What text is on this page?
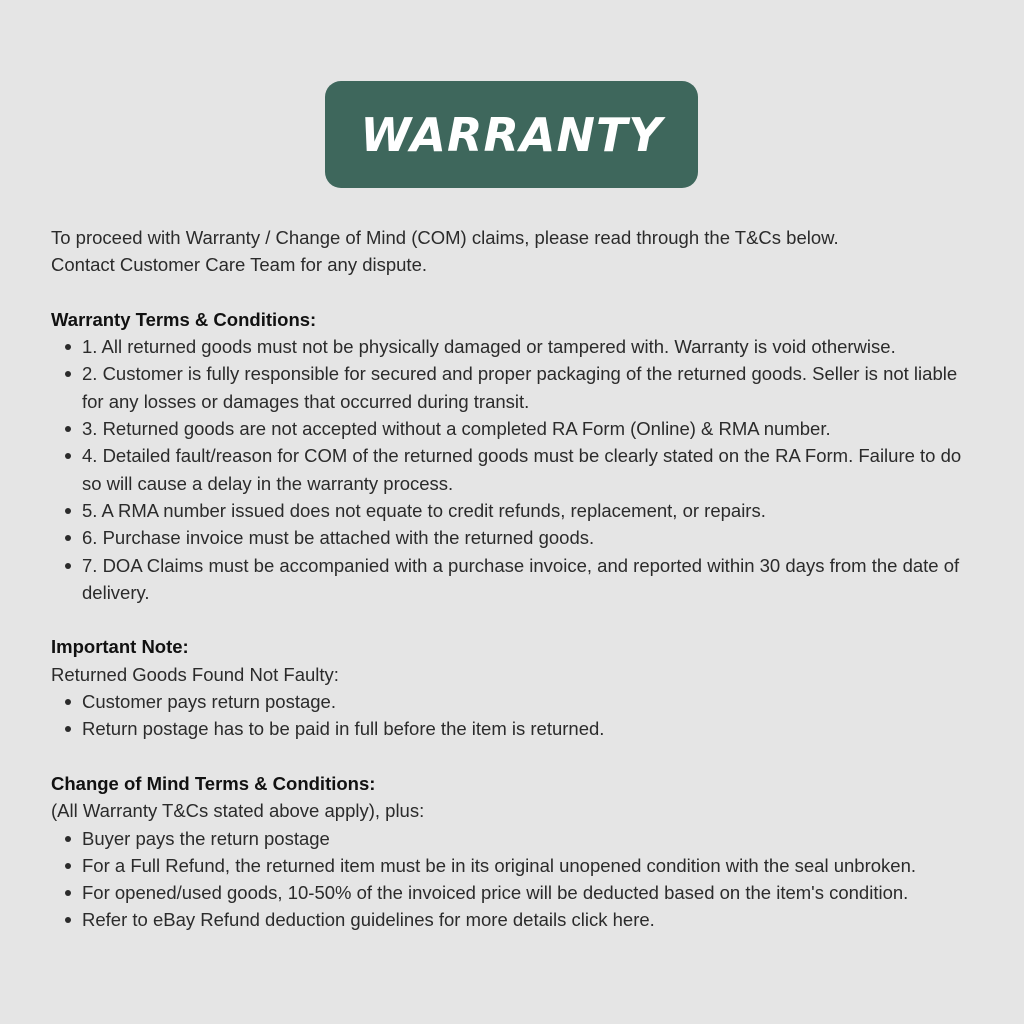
WARRANTY

To proceed with Warranty / Change of Mind (COM) claims, please read through the T&Cs below.

Contact Customer Care Team for any dispute.

Warranty Terms & Conditions:

1. All returned goods must not be physically damaged or tampered with. Warranty is void otherwise.
2. Customer is fully responsible for secured and proper packaging of the returned goods. Seller is not liable for any losses or damages that occurred during transit.
3. Returned goods are not accepted without a completed RA Form (Online) & RMA number.
4. Detailed fault/reason for COM of the returned goods must be clearly stated on the RA Form. Failure to do so will cause a delay in the warranty process.
5. A RMA number issued does not equate to credit refunds, replacement, or repairs.
6. Purchase invoice must be attached with the returned goods.
7. DOA Claims must be accompanied with a purchase invoice, and reported within 30 days from the date of delivery.

Important Note:

Returned Goods Found Not Faulty:

Customer pays return postage.
Return postage has to be paid in full before the item is returned.

Change of Mind Terms & Conditions:

(All Warranty T&Cs stated above apply), plus:

Buyer pays the return postage
For a Full Refund, the returned item must be in its original unopened condition with the seal unbroken.
For opened/used goods, 10-50% of the invoiced price will be deducted based on the item's condition.
Refer to eBay Refund deduction guidelines for more details click here.
